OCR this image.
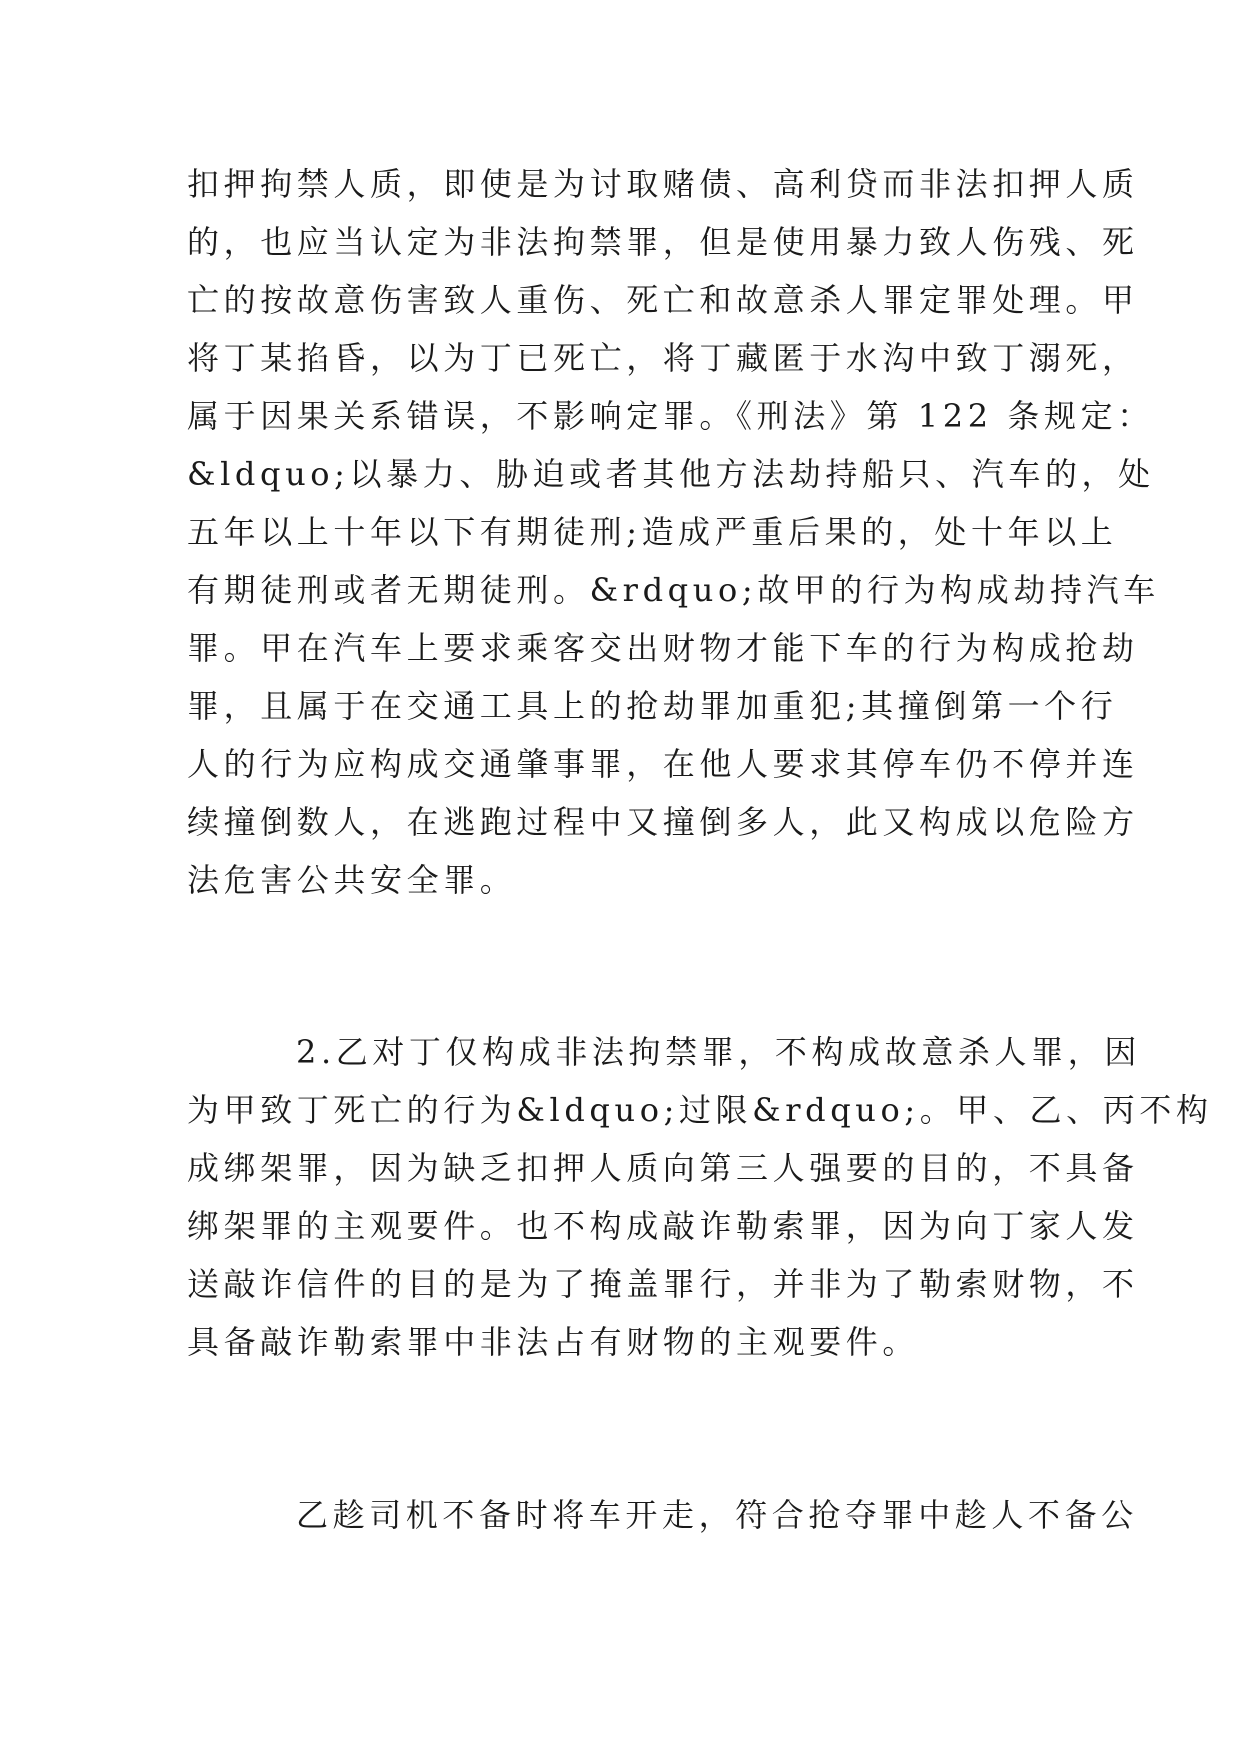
扣押拘禁人质，即使是为讨取赌债、高利贷而非法扣押人质

的，也应当认定为非法拘禁罪，但是使用暴力致人伤残、死

亡的按故意伤害致人重伤、死亡和故意杀人罪定罪处理。甲

将丁某掐昏，以为丁已死亡，将丁藏匿于水沟中致丁溺死，

属于因果关系错误，不影响定罪。《刑法》第 122 条规定：

&ldquo;以暴力、胁迫或者其他方法劫持船只、汽车的，处

五年以上十年以下有期徒刑;造成严重后果的，处十年以上

有期徒刑或者无期徒刑。&rdquo;故甲的行为构成劫持汽车

罪。甲在汽车上要求乘客交出财物才能下车的行为构成抢劫

罪，且属于在交通工具上的抢劫罪加重犯;其撞倒第一个行

人的行为应构成交通肇事罪，在他人要求其停车仍不停并连

续撞倒数人，在逃跑过程中又撞倒多人，此又构成以危险方

法危害公共安全罪。

2.乙对丁仅构成非法拘禁罪，不构成故意杀人罪，因

为甲致丁死亡的行为&ldquo;过限&rdquo;。甲、乙、丙不构

成绑架罪，因为缺乏扣押人质向第三人强要的目的，不具备

绑架罪的主观要件。也不构成敲诈勒索罪，因为向丁家人发

送敲诈信件的目的是为了掩盖罪行，并非为了勒索财物，不

具备敲诈勒索罪中非法占有财物的主观要件。

乙趁司机不备时将车开走，符合抢夺罪中趁人不备公
